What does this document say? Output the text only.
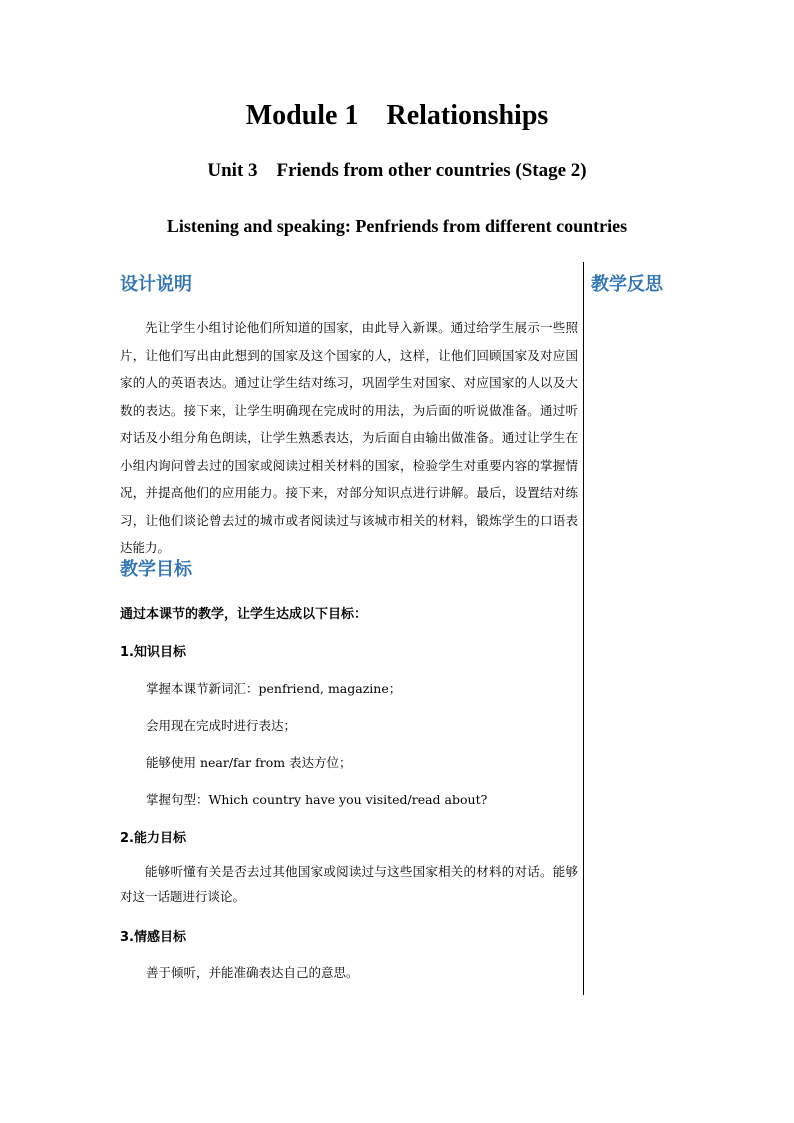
Module 1    Relationships
Unit 3    Friends from other countries (Stage 2)
Listening and speaking: Penfriends from different countries
设计说明	教学反思
先让学生小组讨论他们所知道的国家，由此导入新课。通过给学生展示一些照片，让他们写出由此想到的国家及这个国家的人，这样，让他们回顾国家及对应国家的人的英语表达。通过让学生结对练习，巩固学生对国家、对应国家的人以及大数的表达。接下来，让学生明确现在完成时的用法，为后面的听说做准备。通过听对话及小组分角色朗读，让学生熟悉表达，为后面自由输出做准备。通过让学生在小组内询问曾去过的国家或阅读过相关材料的国家，检验学生对重要内容的掌握情况，并提高他们的应用能力。接下来，对部分知识点进行讲解。最后，设置结对练习，让他们谈论曾去过的城市或者阅读过与该城市相关的材料，锻炼学生的口语表达能力。
教学目标
通过本课节的教学，让学生达成以下目标：
1.知识目标
掌握本课节新词汇：penfriend, magazine；
会用现在完成时进行表达；
能够使用 near/far from 表达方位；
掌握句型：Which country have you visited/read about?
2.能力目标
能够听懂有关是否去过其他国家或阅读过与这些国家相关的材料的对话。能够对这一话题进行谈论。
3.情感目标
善于倾听，并能准确表达自己的意思。
